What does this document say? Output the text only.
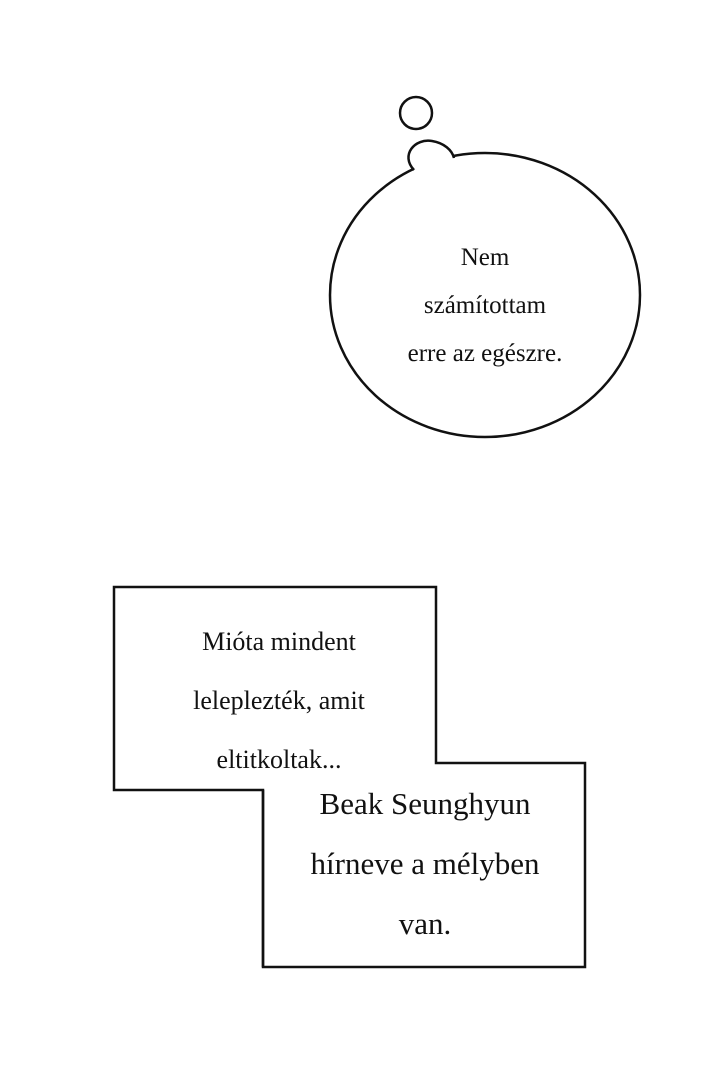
Nem
számítottam
erre az egészre.

Mióta mindent
leleplezték, amit
eltitkoltak...

Beak Seunghyun
hírneve a mélyben
van.
